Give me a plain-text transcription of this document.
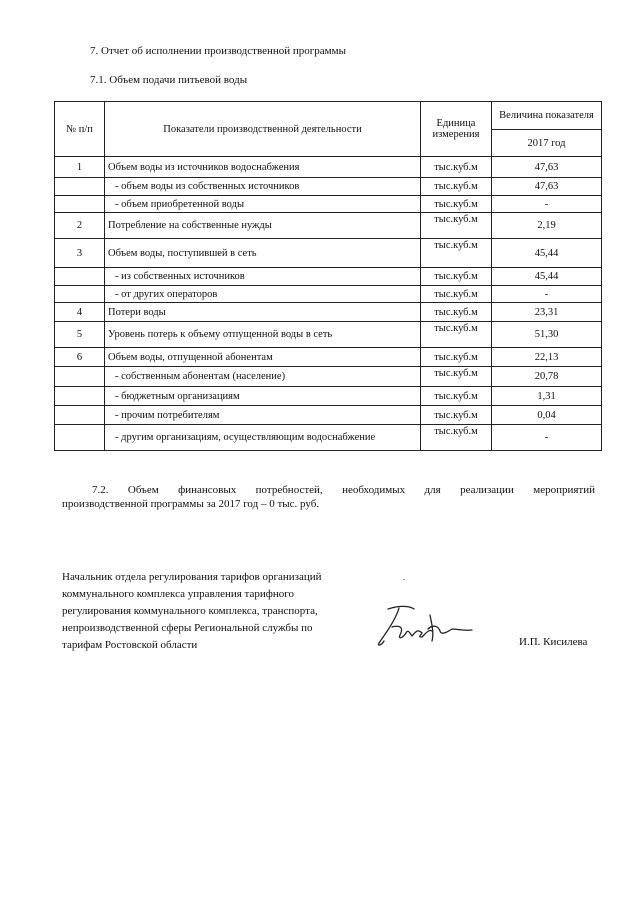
7. Отчет об исполнении производственной программы
7.1. Объем подачи питьевой воды
№ п/п	Показатели производственной деятельности	Единица измерения	Величина показателя
			2017 год
1	Объем воды из источников водоснабжения	тыс.куб.м	47,63
	- объем воды из собственных источников	тыс.куб.м	47,63
	- объем приобретенной воды	тыс.куб.м	-
2	Потребление на собственные нужды	тыс.куб.м	2,19
3	Объем воды, поступившей в сеть	тыс.куб.м	45,44
	- из собственных источников	тыс.куб.м	45,44
	- от других операторов	тыс.куб.м	-
4	Потери воды	тыс.куб.м	23,31
5	Уровень потерь к объему отпущенной воды в сеть	тыс.куб.м	51,30
6	Объем воды, отпущенной абонентам	тыс.куб.м	22,13
	- собственным абонентам (население)	тыс.куб.м	20,78
	- бюджетным организациям	тыс.куб.м	1,31
	- прочим потребителям	тыс.куб.м	0,04
	- другим организациям, осуществляющим водоснабжение	тыс.куб.м	-
7.2. Объем финансовых потребностей, необходимых для реализации мероприятий
производственной программы за 2017 год – 0 тыс. руб.
Начальник отдела регулирования тарифов организаций
коммунального комплекса управления тарифного
регулирования коммунального комплекса, транспорта,
непроизводственной сферы Региональной службы по
тарифам Ростовской области	И.П. Кисилева
